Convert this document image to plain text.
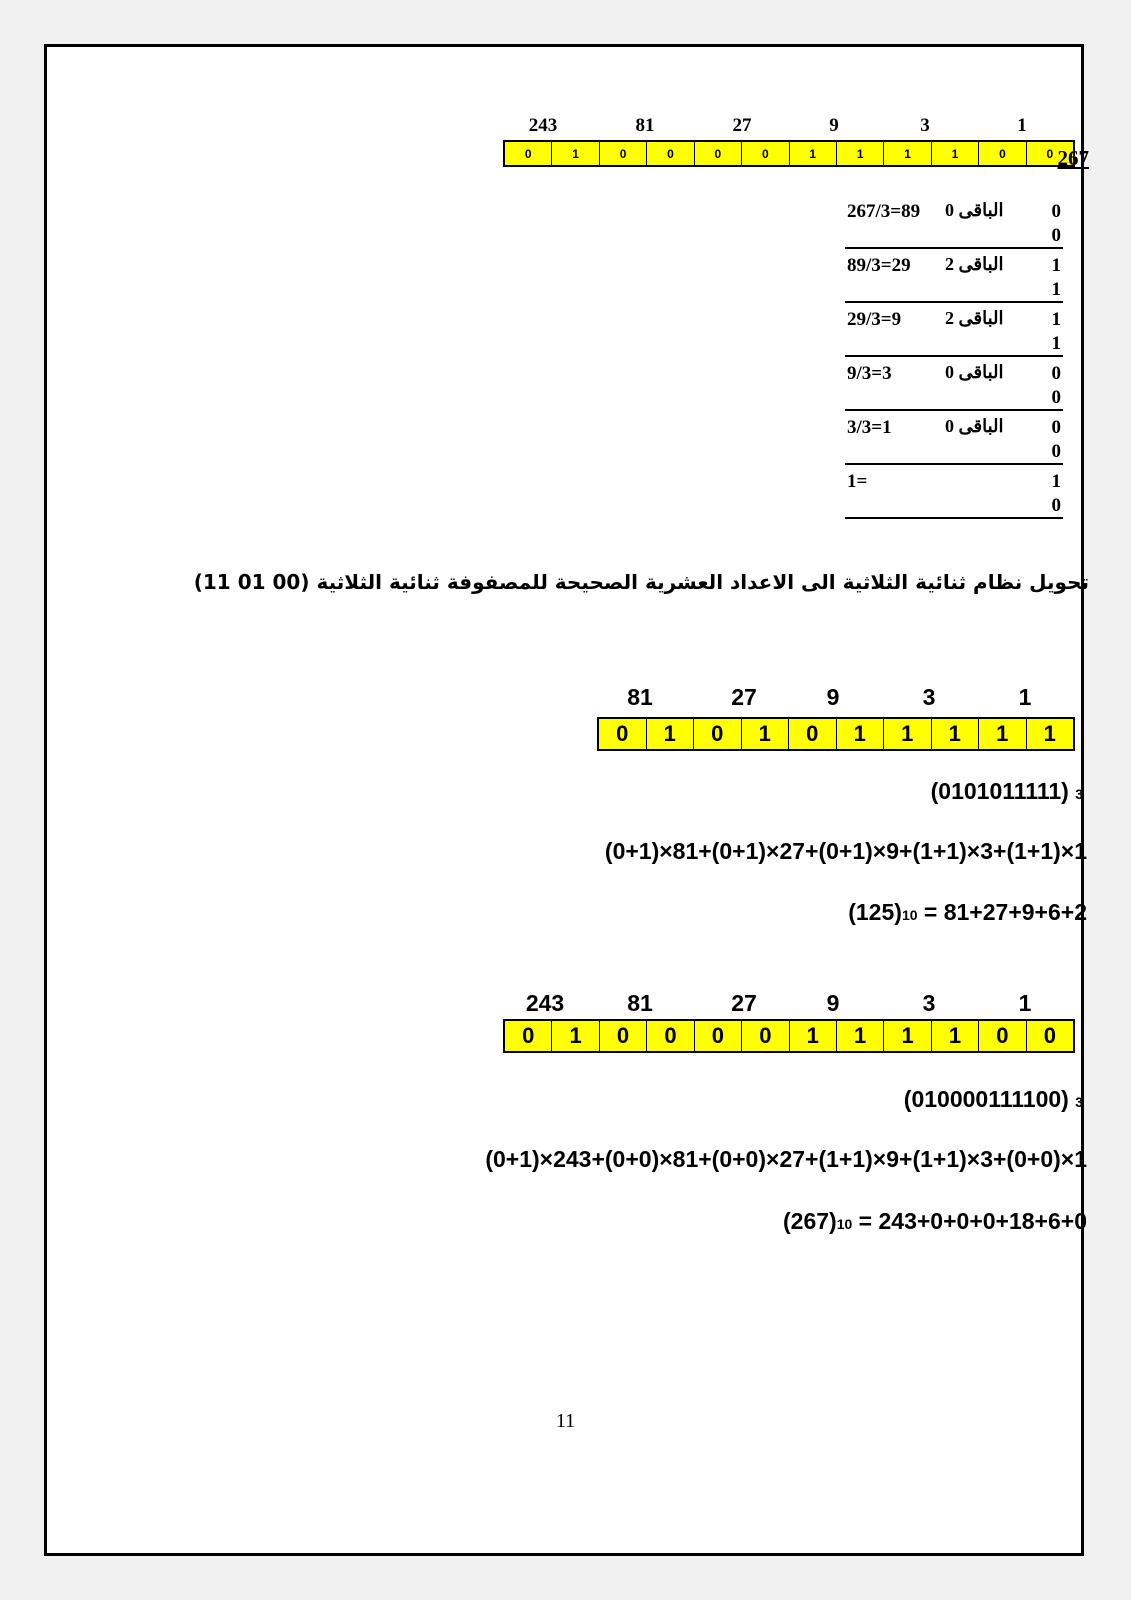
243	81	27	9	3	1
0	1	0	0	0	0	1	1	1	1	0	0 267
267/3=89 الباقى 0	0
0
89/3=29 الباقى 2	1
1
29/3=9 الباقى 2	1
1
9/3=3	الباقى 0	0
0
3/3=1	الباقى 0	0
0
1=	1
0
تحويل نظام ثنائية الثلاثية الى الاعداد العشرية الصحيحة للمصفوفة ثنائية الثلاثية (00 01 11)
81	27	9	3	1
0	1	0	1	0	1	1	1	1	1
(0101011111) 3
(0+1)×81+(0+1)×27+(0+1)×9+(1+1)×3+(1+1)×1
(125)10 = 81+27+9+6+2
243	81	27	9	3	1
0	1	0	0	0	0	1	1	1	1	0	0
(010000111100) 3
(0+1)×243+(0+0)×81+(0+0)×27+(1+1)×9+(1+1)×3+(0+0)×1
(267)10 = 243+0+0+0+18+6+0
11
